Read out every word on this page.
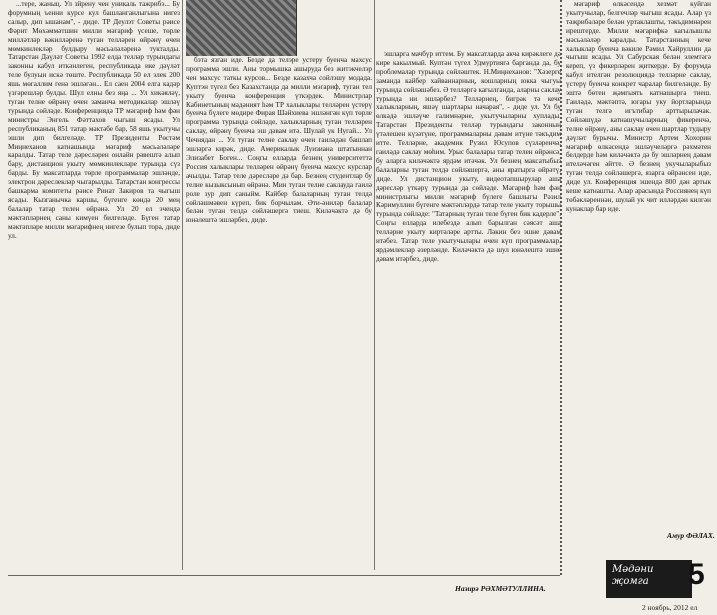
...тере, жаныц. Ул зйрену чен уникаль тажрибэ... Бу форумның ъенни курсе кул башланганлыгына нигез салыр, дип ышанам", - диде. ТР Деулэт Советы рәисе Фәрит Мөхәммәтшин милли мәгариф үсеше, төрле милләтләр вәкилләренә туган телләрен өйрәнү өчен мөмкинлекләр булдыру мәсьәләләренә тукталды. Татарстан Дәүләт Советы 1992 елда телләр турындагы законны кабул иткәнлеген, республикада ике дәүләт теле булуын искә төште. Республикада 50 ел элек 200 яшь мөгаллим генә эшләгән... Ел саен 2004 елга кадәр үзгәрешләр булды. Шул елны без яңа ... Ул хикәяләү, туган телне өйрәнү өчен заманча методикалар эшләү турында сөйләде. Конференциядә ТР мәгариф һәм фән министры Энгель Фәттахов чыгыш ясады. Ул республиканың 851 татар мәктәбе бар, 58 яшь укытучы эшли дип билгеләде. ТР Президенты Рөстәм Миңнеханов катнашында мәгариф мәсьәләләре каралды. Татар теле дәресләрен онлайн рәвештә алып бару, дистанцион укыту мөмкинлекләре турында сүз барды. Бу максатларда төрле программалар эшләнде, электрон дәреслекләр чыгарылды. Татарстан конгрессы башкарма комитеты рәисе Ринат Закиров та чыгыш ясады. Кызганычка каршы, бүгенге көндә 20 мең балалар татар телен өйрәнә. Ул 20 ел эчендә мәктәпләрнең саны кимүен билгеләде. Бүген татар мәктәпләре милли мәгарифнең нигезе булып тора, диде ул.

бэта язган иде. Безде да телэре устеру буенча махсус программа эшли. Аны тормышка ашыруда без житэкчелэр чен махсус таткы курсов... Безде казахча сойлэшу модада. Куптэн түгел без Казахстанда да милли мэгариф, туган тел укыту буенча конференция үткэрдек. Министрлар Кабинетының мәдәният һәм ТР халыклары телләрен үстерү буенча бүлеге мөдире Фирая Шәйхиева эшләнгән күп төрле программа турында сөйләде, халыкларның туган телләрен саклау, өйрәнү буенча эш дәвам итә. Шулай ук Нугай... Ул Чечнядан ... Ул туган телне саклау өчен гаиләдән башлап эшләргә кирәк, диде. Америкалык Луизиана штатыннан Элизабет Боген... Соңгы елларда безнең университетта Россия халыклары телләрен өйрәнү буенча махсус курслар ачылды. Татар теле дәресләре дә бар. Безнең студентлар бу телне кызыксынып өйрәнә. Мин туган телне саклауда гаилә роле зур дип саныйм. Кайбер балаларның туган телдә сөйләшмәвен күреп, бик борчылам. Әти-әниләр балалар белән туган телдә сөйләшергә тиеш. Киләчәктә дә бу юнәлештә эшләрбез, диде.

эшларга мачбүр иттем. Бу максатларда акча кирәклеге дә кире какылмый. Куптән түгел Удмуртиягә барганда да, бу проблемалар турында сөйләштек. Н.Миңнеханов: "Хәзерге заманда кайбер хайваннарның, кошларның юкка чыгуы турында сөйләшәбез. Ә телләргә кагылганда, аларны саклау турында ни эшләрбез? Телләрнең, бигрәк тә кече халыкларның, яшәү шартлары начарая", - диде ул. Ул бу өлкәдә эшләүче галимнәрне, укытучыларны хуплады. Татарстан Президенты телләр турындагы законның үтәлешен күзәтүне, программаларны дәвам итүне тәкъдим итте. Телләрне, академик Рузил Юсупов сүзләренчә, гаиләдә саклау мөһим. Урыс балалары татар телен өйрәнсә, бу аларга киләчәктә ярдәм итәчәк. Ул безнең максатыбыз балаларны туган телдә сөйләшергә, аны яратырга өйрәтү, диде. Ул дистанцион укыту, видеотапшырулар аша дәресләр үткәрү турында да сөйләде. Мәгариф һәм фән министрлыгы милли мәгариф бүлеге башлыгы Рәзил Кәримуллин бүгенге мәктәпләрдә татар теле укыту торышы турында сөйләде: "Татарның туган теле бүген бик кадерле". Соңгы елларда илебездә алып барылган сәясәт аша телләрне укыту киртәләре артты. Ләкин без эшне дәвам итәбез. Татар теле укытучылары өчен күп программалар, ярдәмлекләр әзерләнде. Киләчәктә дә шул юнәлештә эшне дәвам итәрбез, диде.

мәгариф өлкәсендә хезмәт куйган укытучылар, белгечләр чыгыш ясады. Алар үз тәҗрибәләре белән уртаклашты, тәкъдимнәрен ирештерде. Милли мәгарифкә кагылышлы мәсьәләләр каралды. Татарстанның кече халыклар буенча вәкиле Рәмил Хайруллин да чыгыш ясады. Ул Сабурская белән элемтәгә кереп, үз фикерләрен җиткерде. Бу форумда кабул ителгән резолюциядә телләрне саклау, үстерү буенча конкрет чаралар билгеләнде. Бу эштә бөтен җәмгыять катнашырга тиеш. Гаиләдә, мәктәптә, югары уку йортларында туган телгә игътибар арттырылачак. Сөйләшүдә катнашучыларның фикеренчә, телне өйрәнү, аны саклау өчен шартлар тудыру дәүләт бурычы. Министр Артем Хохорин мәгариф өлкәсендә эшләүчеләргә рәхмәтен белдерде һәм киләчәктә дә бу эшләрнең дәвам ителәчәген әйтте. Ә безнең укучыларыбыз туган телдә сөйләшергә, язарга өйрәнсен иде, диде ул. Конференция эшендә 800 дән артык кеше катнашты. Алар арасында Россиянең күп төбәкләреннән, шулай ук чит илләрдән килгән кунаклар бар иде.

Назирә РӘХМӘТУЛЛИНА.
Амур ФӘЛАХ.
Мәдәни
җомга	5
2 ноябрь, 2012 ел
